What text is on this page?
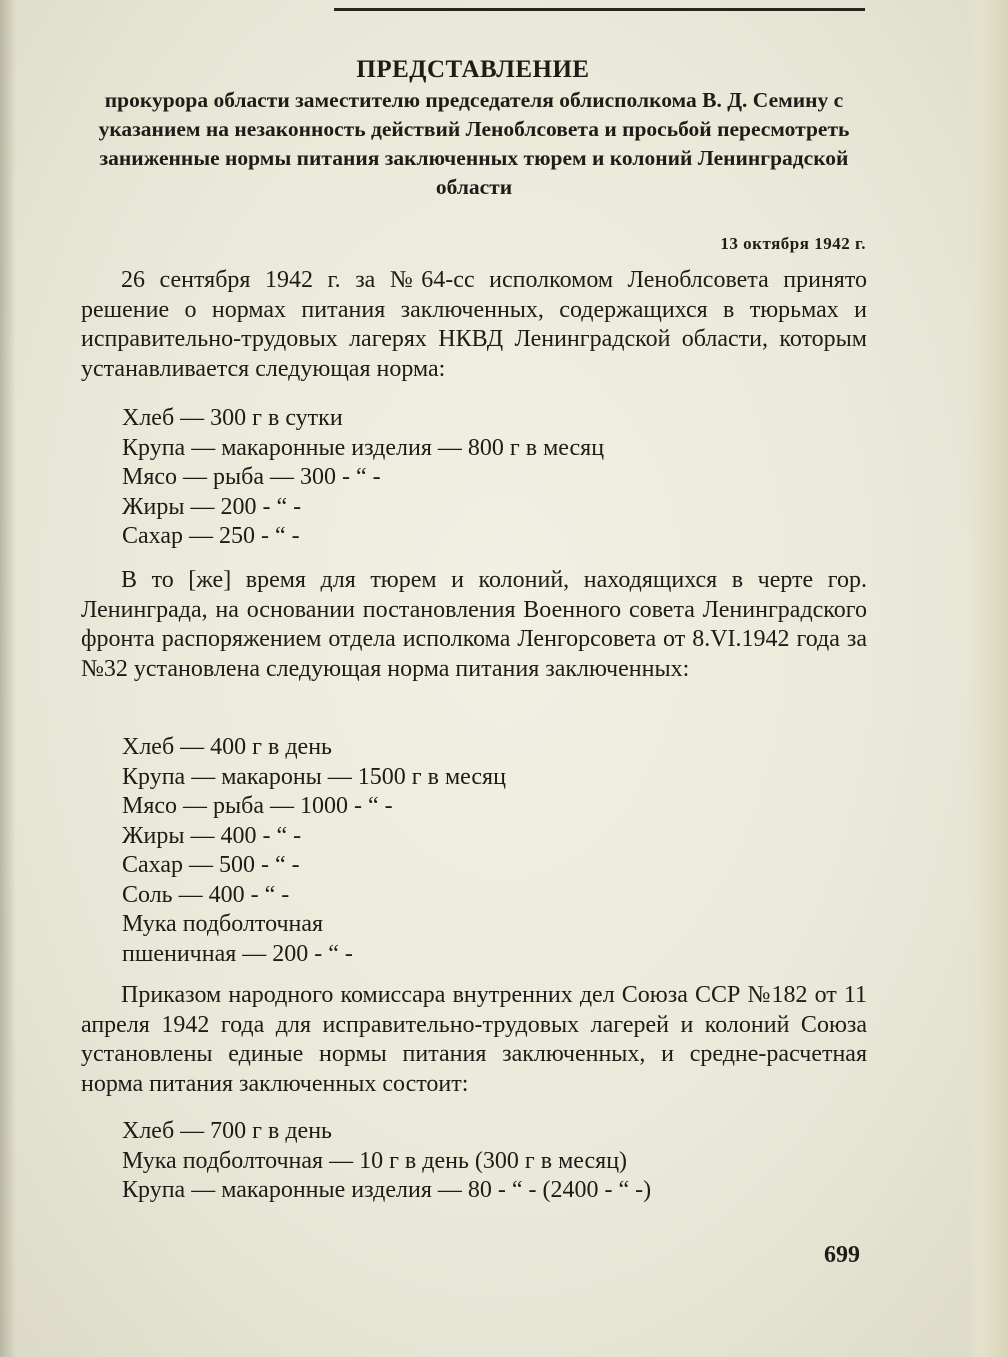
ПРЕДСТАВЛЕНИЕ
прокурора области заместителю председателя облисполкома В. Д. Семину с указанием на незаконность действий Леноблсовета и просьбой пересмотреть заниженные нормы питания заключенных тюрем и колоний Ленинградской области
13 октября 1942 г.

26 сентября 1942 г. за №64-сс исполкомом Леноблсовета принято решение о нормах питания заключенных, содержащихся в тюрьмах и исправительно-трудовых лагерях НКВД Ленинградской области, которым устанавливается следующая норма:

Хлеб — 300 г в сутки
Крупа — макаронные изделия — 800 г в месяц
Мясо — рыба — 300 - “ -
Жиры — 200 - “ -
Сахар — 250 - “ -

В то [же] время для тюрем и колоний, находящихся в черте гор. Ленинграда, на основании постановления Военного совета Ленинградского фронта распоряжением отдела исполкома Ленгорсовета от 8.VI.1942 года за №32 установлена следующая норма питания заключенных:

Хлеб — 400 г в день
Крупа — макароны — 1500 г в месяц
Мясо — рыба — 1000 - “ -
Жиры — 400 - “ -
Сахар — 500 - “ -
Соль — 400 - “ -
Мука подболточная
пшеничная — 200 - “ -

Приказом народного комиссара внутренних дел Союза ССР №182 от 11 апреля 1942 года для исправительно-трудовых лагерей и колоний Союза установлены единые нормы питания заключенных, и средне-расчетная норма питания заключенных состоит:

Хлеб — 700 г в день
Мука подболточная — 10 г в день (300 г в месяц)
Крупа — макаронные изделия — 80 - “ - (2400 - “ -)
699
